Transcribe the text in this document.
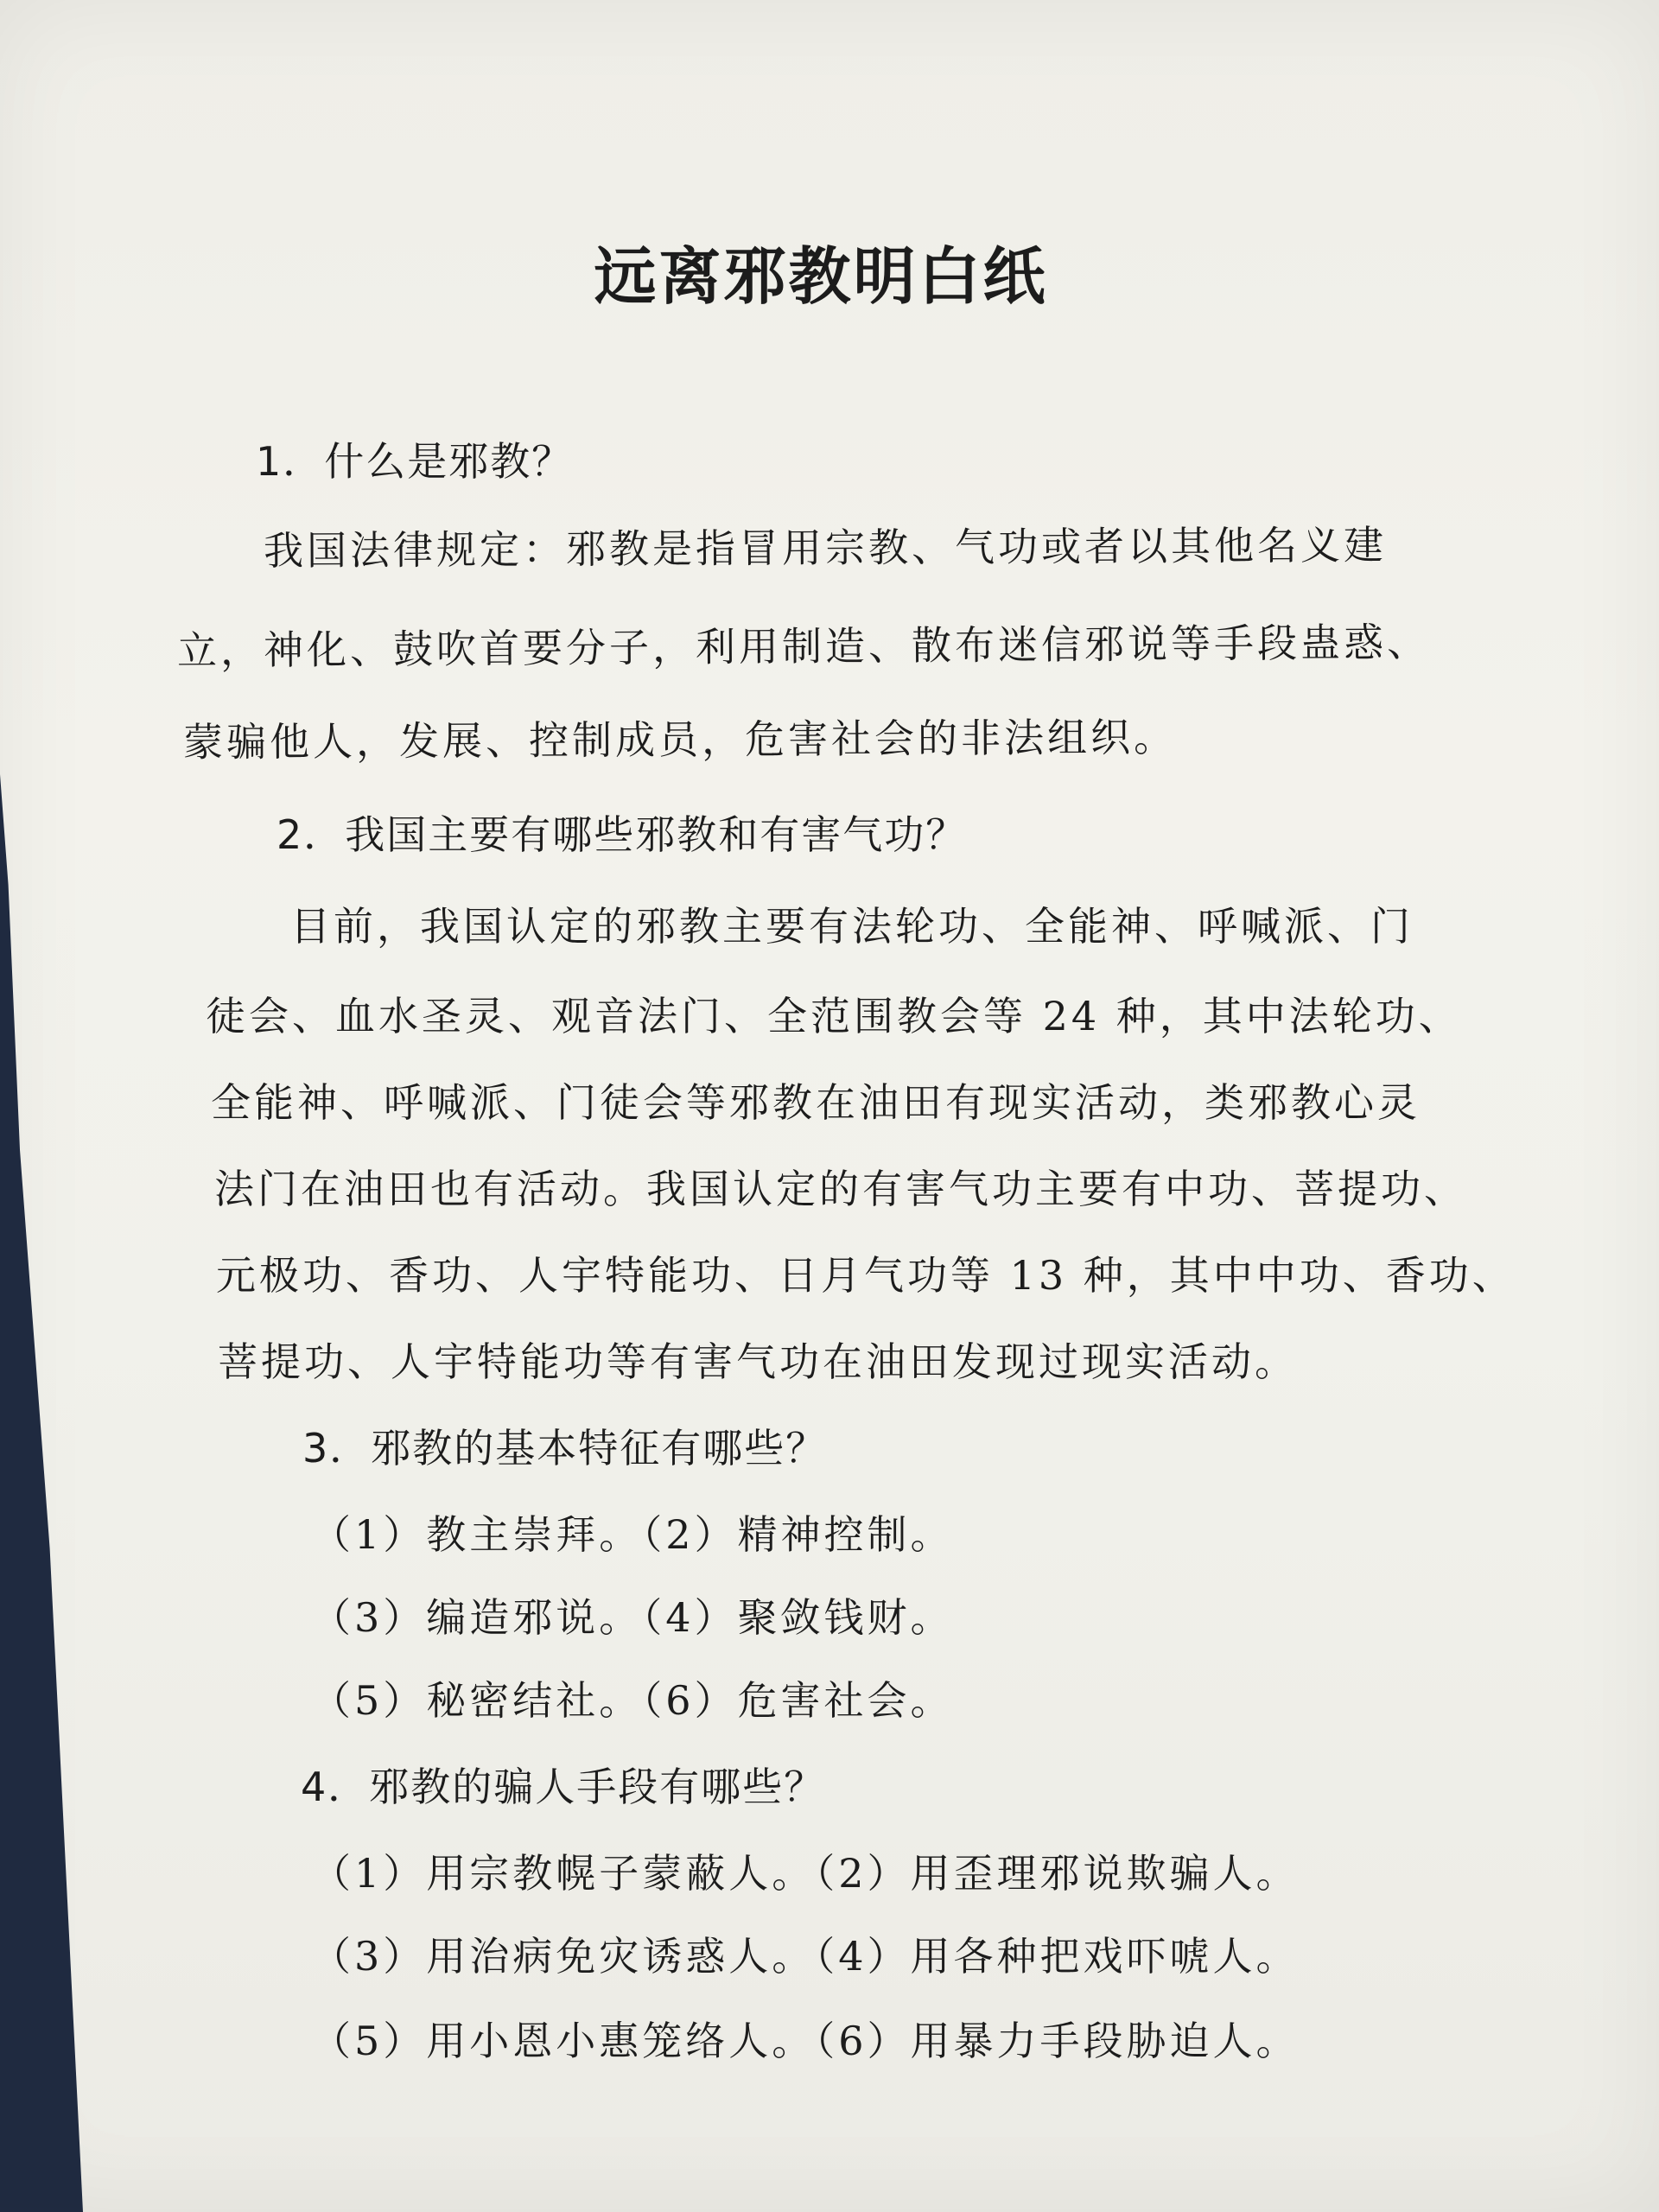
远离邪教明白纸
1．什么是邪教？
我国法律规定：邪教是指冒用宗教、气功或者以其他名义建
立，神化、鼓吹首要分子，利用制造、散布迷信邪说等手段蛊惑、
蒙骗他人，发展、控制成员，危害社会的非法组织。
2．我国主要有哪些邪教和有害气功？
目前，我国认定的邪教主要有法轮功、全能神、呼喊派、门
徒会、血水圣灵、观音法门、全范围教会等 24 种，其中法轮功、
全能神、呼喊派、门徒会等邪教在油田有现实活动，类邪教心灵
法门在油田也有活动。我国认定的有害气功主要有中功、菩提功、
元极功、香功、人宇特能功、日月气功等 13 种，其中中功、香功、
菩提功、人宇特能功等有害气功在油田发现过现实活动。
3．邪教的基本特征有哪些？
（1）教主崇拜。（2）精神控制。
（3）编造邪说。（4）聚敛钱财。
（5）秘密结社。（6）危害社会。
4．邪教的骗人手段有哪些？
（1）用宗教幌子蒙蔽人。（2）用歪理邪说欺骗人。
（3）用治病免灾诱惑人。（4）用各种把戏吓唬人。
（5）用小恩小惠笼络人。（6）用暴力手段胁迫人。
